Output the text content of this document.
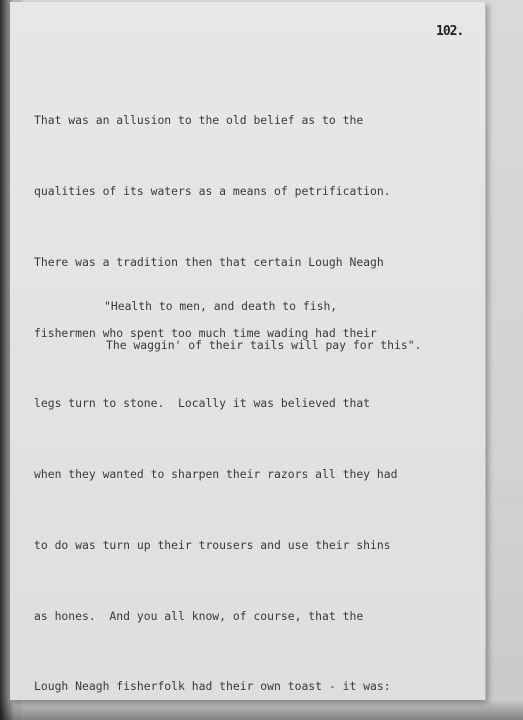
102.

That was an allusion to the old belief as to the

qualities of its waters as a means of petrification.

There was a tradition then that certain Lough Neagh

fishermen who spent too much time wading had their

legs turn to stone.  Locally it was believed that

when they wanted to sharpen their razors all they had

to do was turn up their trousers and use their shins

as hones.  And you all know, of course, that the

Lough Neagh fisherfolk had their own toast - it was:

"Health to men, and death to fish,

The waggin' of their tails will pay for this".
